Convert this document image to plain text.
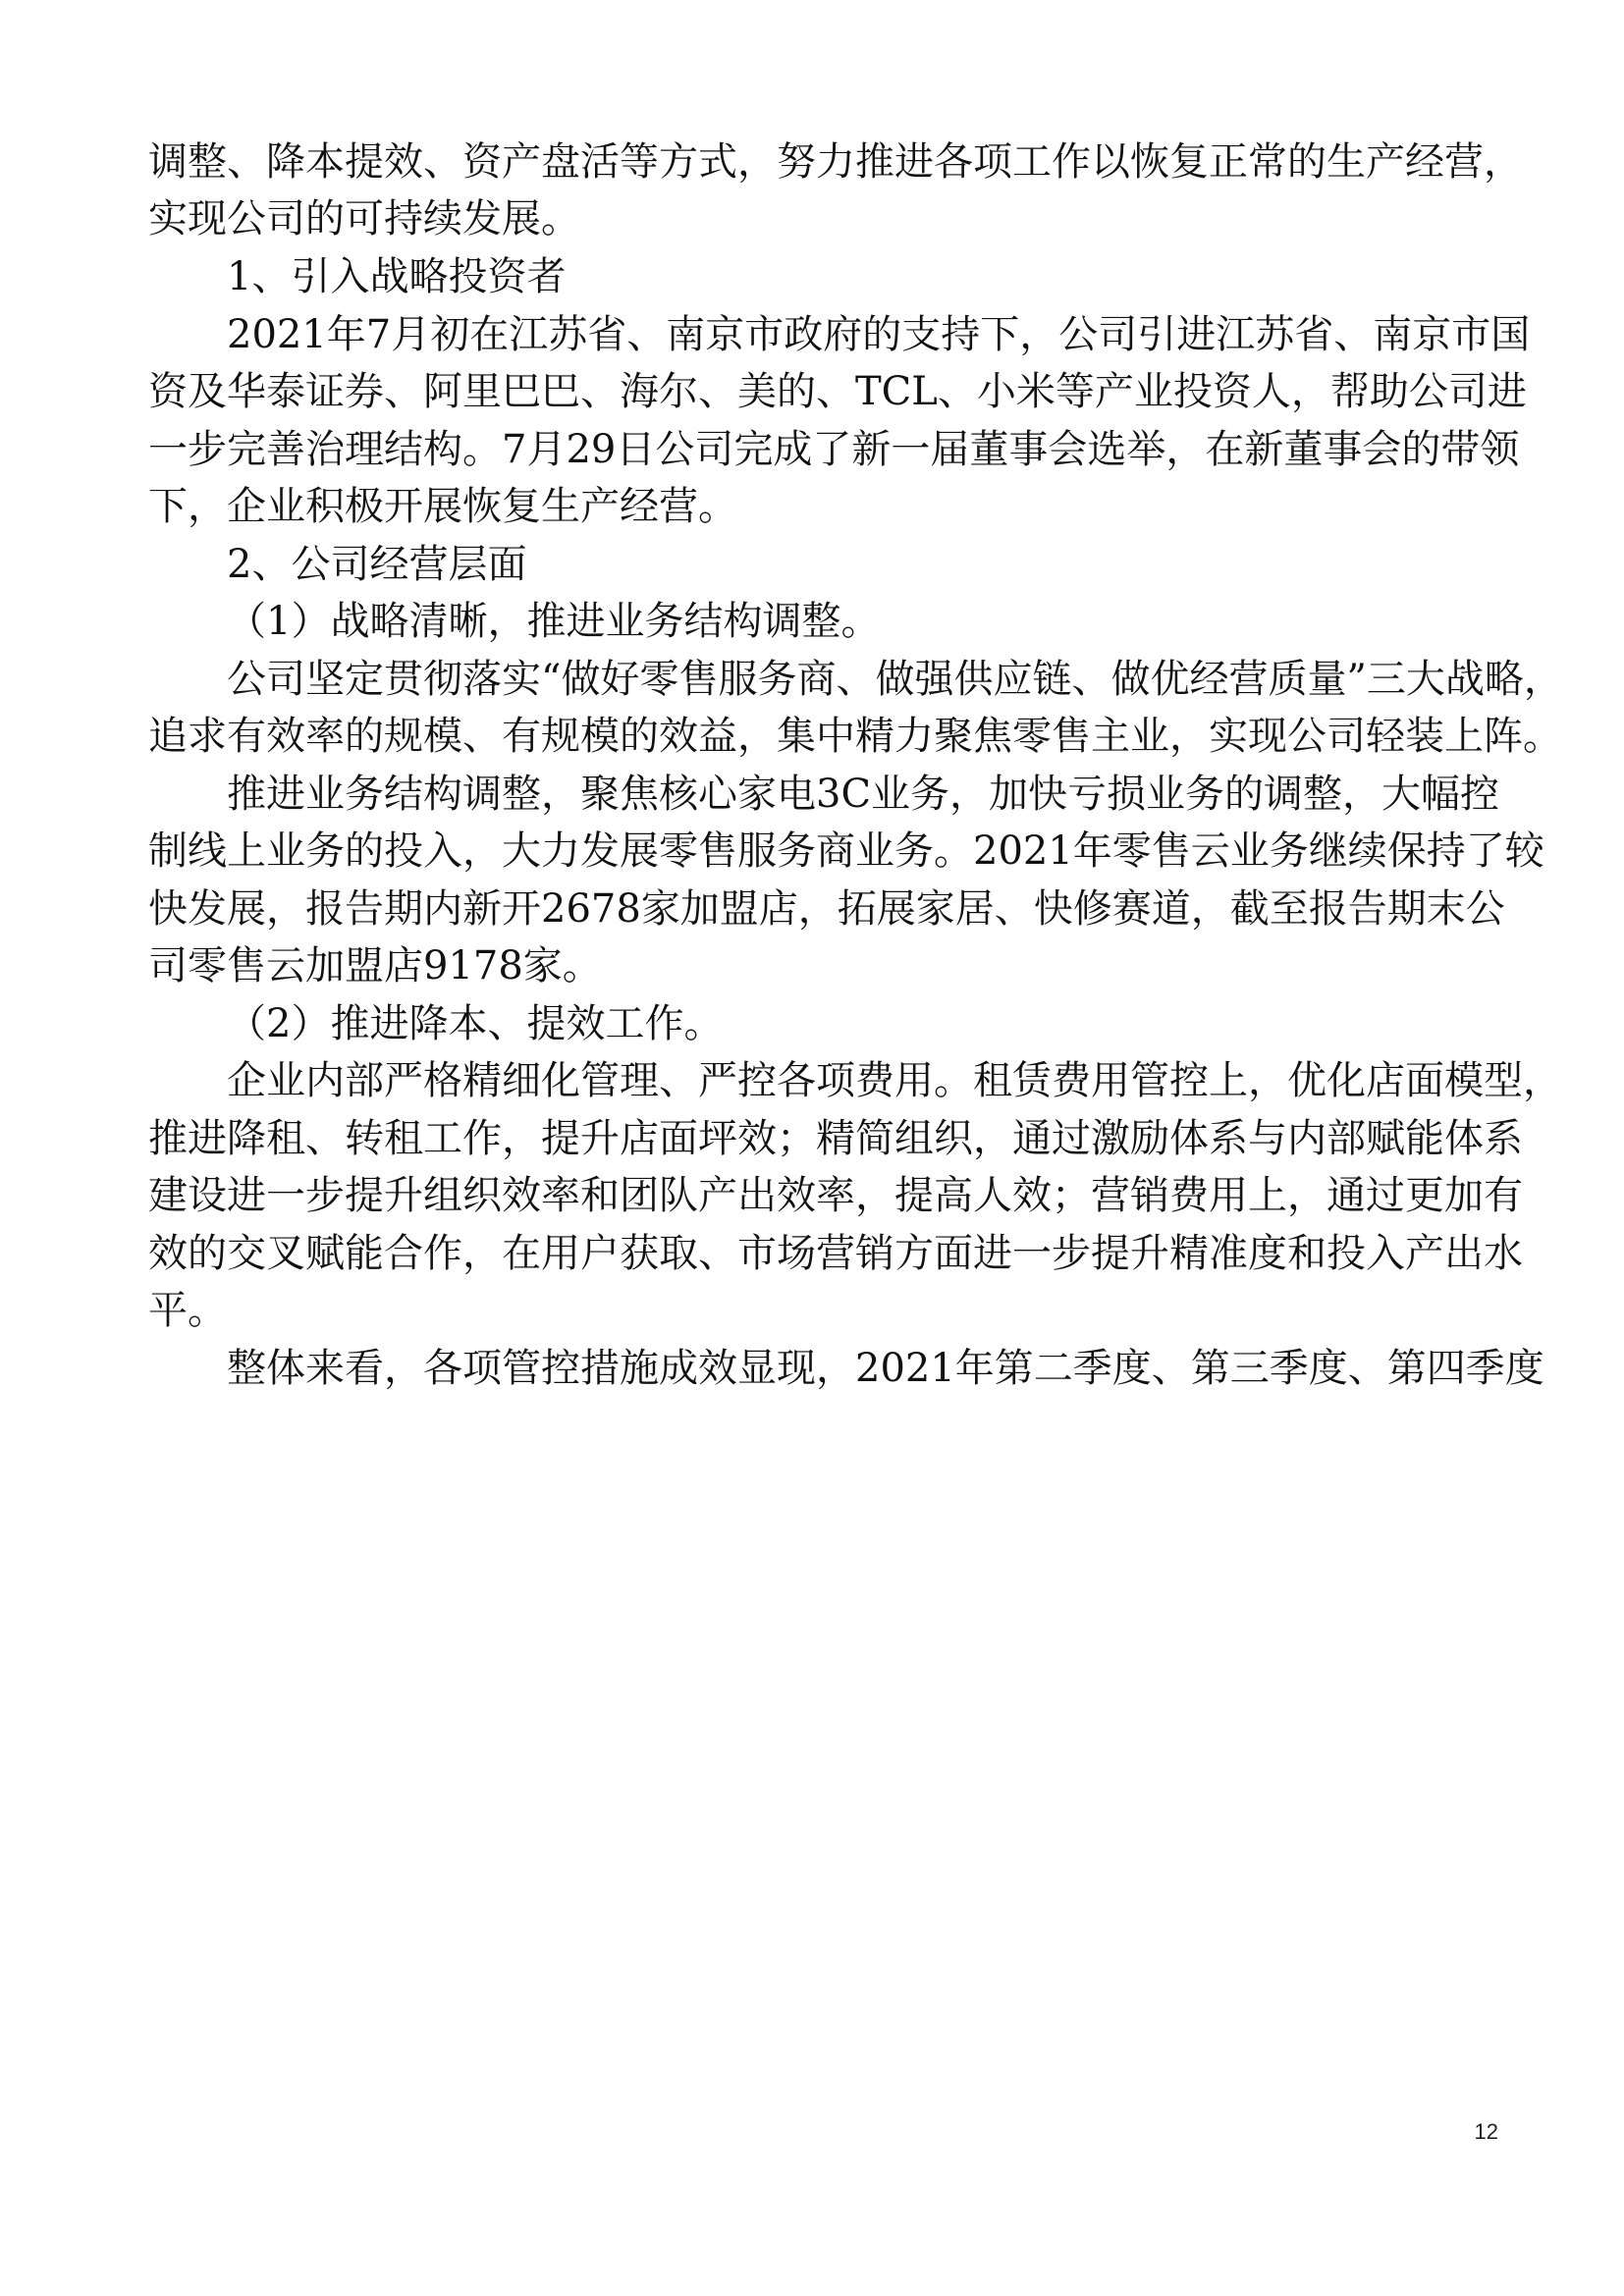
调整、降本提效、资产盘活等方式，努力推进各项工作以恢复正常的生产经营，
实现公司的可持续发展。
1、引入战略投资者
2021年7月初在江苏省、南京市政府的支持下，公司引进江苏省、南京市国
资及华泰证券、阿里巴巴、海尔、美的、TCL、小米等产业投资人，帮助公司进
一步完善治理结构。7月29日公司完成了新一届董事会选举，在新董事会的带领
下，企业积极开展恢复生产经营。
2、公司经营层面
（1）战略清晰，推进业务结构调整。
公司坚定贯彻落实“做好零售服务商、做强供应链、做优经营质量”三大战略，
追求有效率的规模、有规模的效益，集中精力聚焦零售主业，实现公司轻装上阵。
推进业务结构调整，聚焦核心家电3C业务，加快亏损业务的调整，大幅控
制线上业务的投入，大力发展零售服务商业务。2021年零售云业务继续保持了较
快发展，报告期内新开2678家加盟店，拓展家居、快修赛道，截至报告期末公
司零售云加盟店9178家。
（2）推进降本、提效工作。
企业内部严格精细化管理、严控各项费用。租赁费用管控上，优化店面模型，
推进降租、转租工作，提升店面坪效；精简组织，通过激励体系与内部赋能体系
建设进一步提升组织效率和团队产出效率，提高人效；营销费用上，通过更加有
效的交叉赋能合作，在用户获取、市场营销方面进一步提升精准度和投入产出水
平。
整体来看，各项管控措施成效显现，2021年第二季度、第三季度、第四季度
12
